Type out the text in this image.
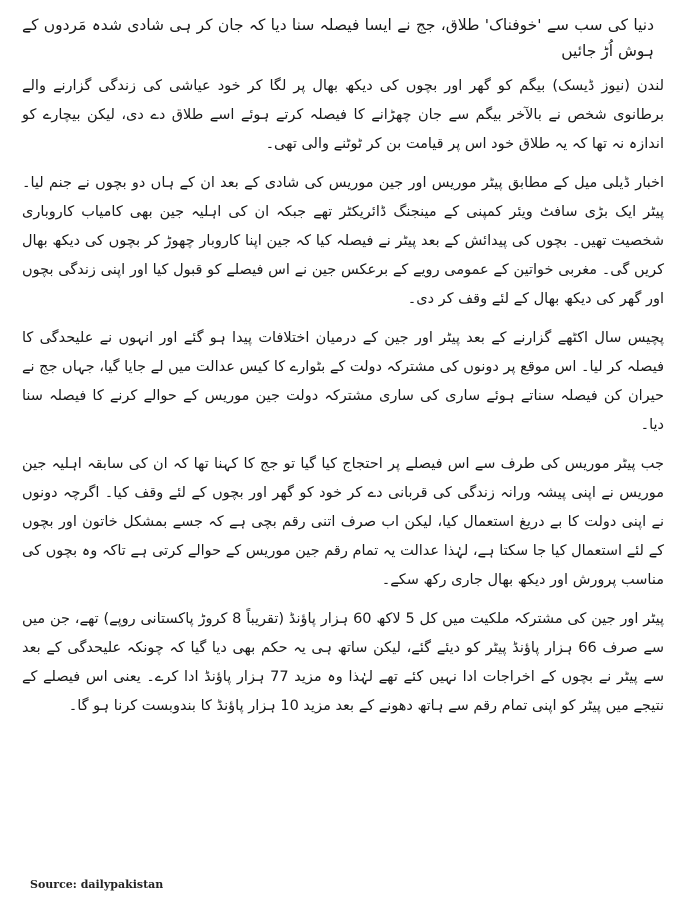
دنیا کی سب سے 'خوفناک' طلاق، جج نے ایسا فیصلہ سنا دیا کہ جان کر ہی شادی شدہ مَردوں کے ہوش اُڑ جائیں

لندن (نیوز ڈیسک) بیگم کو گھر اور بچوں کی دیکھ بھال پر لگا کر خود عیاشی کی زندگی گزارنے والے برطانوی شخص نے بالآخر بیگم سے جان چھڑانے کا فیصلہ کرتے ہوئے اسے طلاق دے دی، لیکن بیچارے کو اندازہ نہ تھا کہ یہ طلاق خود اس پر قیامت بن کر ٹوٹنے والی تھی۔

اخبار ڈیلی میل کے مطابق پیٹر موریس اور جین موریس کی شادی کے بعد ان کے ہاں دو بچوں نے جنم لیا۔ پیٹر ایک بڑی سافٹ ویئر کمپنی کے مینجنگ ڈائریکٹر تھے جبکہ ان کی اہلیہ جین بھی کامیاب کاروباری شخصیت تھیں۔ بچوں کی پیدائش کے بعد پیٹر نے فیصلہ کیا کہ جین اپنا کاروبار چھوڑ کر بچوں کی دیکھ بھال کریں گی۔ مغربی خواتین کے عمومی رویے کے برعکس جین نے اس فیصلے کو قبول کیا اور اپنی زندگی بچوں اور گھر کی دیکھ بھال کے لئے وقف کر دی۔

پچیس سال اکٹھے گزارنے کے بعد پیٹر اور جین کے درمیان اختلافات پیدا ہو گئے اور انہوں نے علیحدگی کا فیصلہ کر لیا۔ اس موقع پر دونوں کی مشترکہ دولت کے بٹوارے کا کیس عدالت میں لے جایا گیا، جہاں جج نے حیران کن فیصلہ سناتے ہوئے ساری کی ساری مشترکہ دولت جین موریس کے حوالے کرنے کا فیصلہ سنا دیا۔

جب پیٹر موریس کی طرف سے اس فیصلے پر احتجاج کیا گیا تو جج کا کہنا تھا کہ ان کی سابقہ اہلیہ جین موریس نے اپنی پیشہ ورانہ زندگی کی قربانی دے کر خود کو گھر اور بچوں کے لئے وقف کیا۔ اگرچہ دونوں نے اپنی دولت کا بے دریغ استعمال کیا، لیکن اب صرف اتنی رقم بچی ہے کہ جسے بمشکل خاتون اور بچوں کے لئے استعمال کیا جا سکتا ہے، لہٰذا عدالت یہ تمام رقم جین موریس کے حوالے کرتی ہے تاکہ وہ بچوں کی مناسب پرورش اور دیکھ بھال جاری رکھ سکے۔

پیٹر اور جین کی مشترکہ ملکیت میں کل 5 لاکھ 60 ہزار پاؤنڈ (تقریباً 8 کروڑ پاکستانی روپے) تھے، جن میں سے صرف 66 ہزار پاؤنڈ پیٹر کو دیئے گئے، لیکن ساتھ ہی یہ حکم بھی دیا گیا کہ چونکہ علیحدگی کے بعد سے پیٹر نے بچوں کے اخراجات ادا نہیں کئے تھے لہٰذا وہ مزید 77 ہزار پاؤنڈ ادا کرے۔ یعنی اس فیصلے کے نتیجے میں پیٹر کو اپنی تمام رقم سے ہاتھ دھونے کے بعد مزید 10 ہزار پاؤنڈ کا بندوبست کرنا ہو گا۔

Source: dailypakistan
